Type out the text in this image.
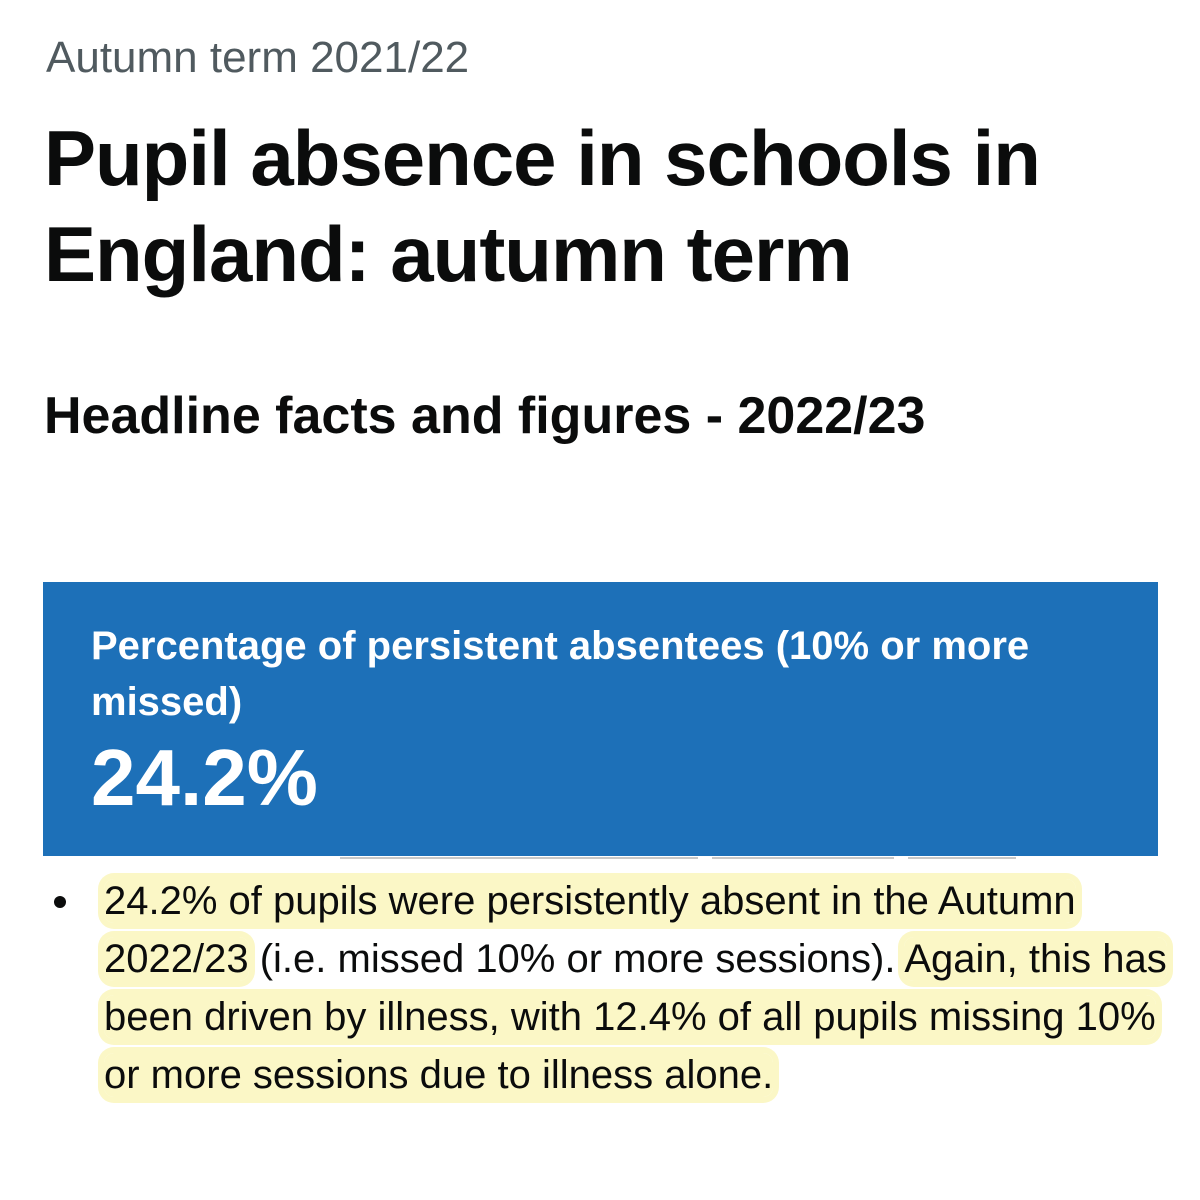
Autumn term 2021/22
Pupil absence in schools in England: autumn term
Headline facts and figures - 2022/23
Percentage of persistent absentees (10% or more missed)
24.2%
24.2% of pupils were persistently absent in the Autumn 2022/23 (i.e. missed 10% or more sessions). Again, this has been driven by illness, with 12.4% of all pupils missing 10% or more sessions due to illness alone.
